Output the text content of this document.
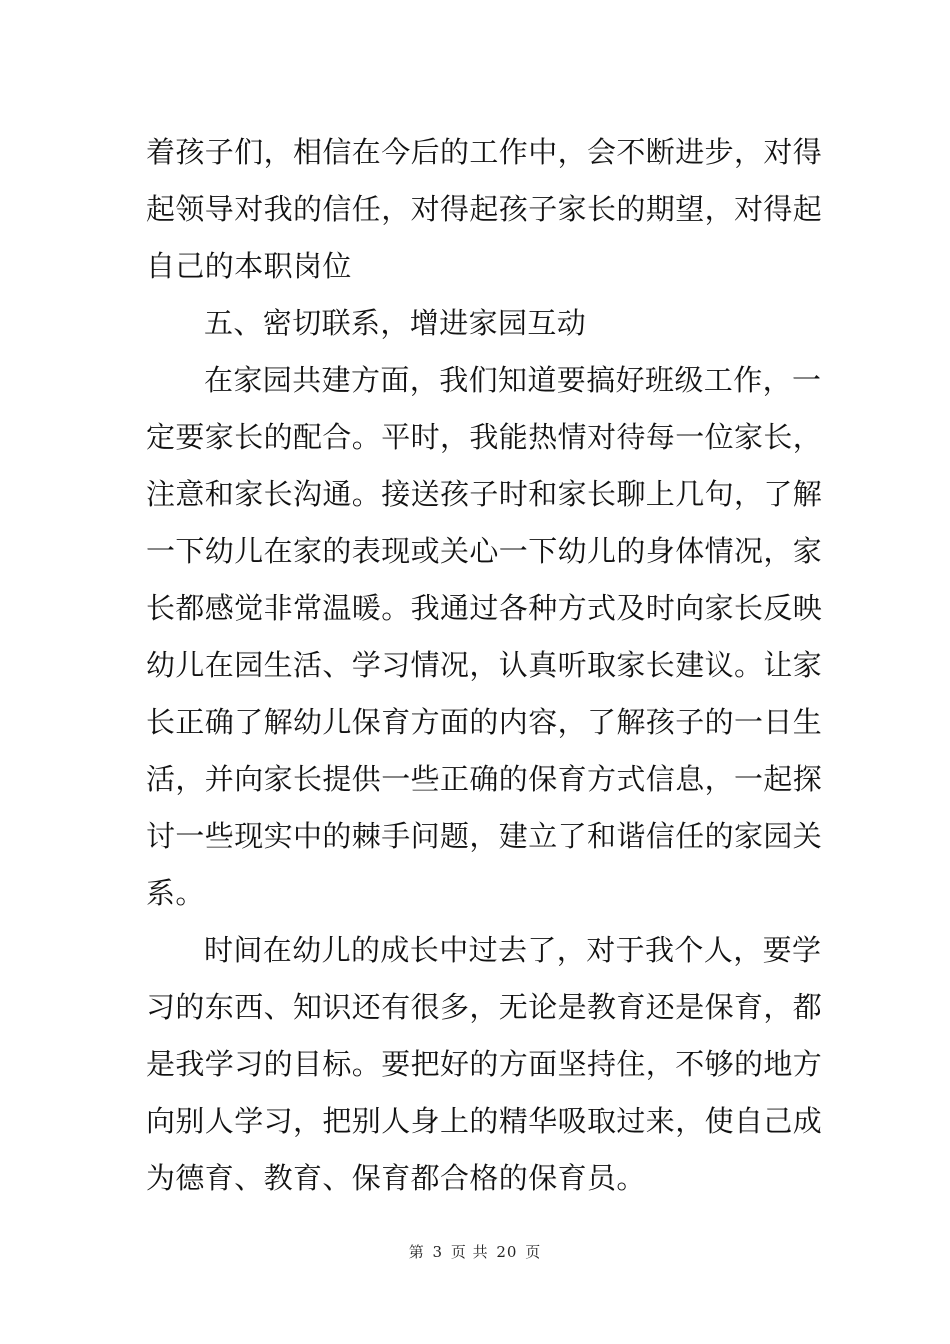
着孩子们，相信在今后的工作中，会不断进步，对得
起领导对我的信任，对得起孩子家长的期望，对得起
自己的本职岗位
五、密切联系，增进家园互动
在家园共建方面，我们知道要搞好班级工作，一
定要家长的配合。平时，我能热情对待每一位家长，
注意和家长沟通。接送孩子时和家长聊上几句，了解
一下幼儿在家的表现或关心一下幼儿的身体情况，家
长都感觉非常温暖。我通过各种方式及时向家长反映
幼儿在园生活、学习情况，认真听取家长建议。让家
长正确了解幼儿保育方面的内容，了解孩子的一日生
活，并向家长提供一些正确的保育方式信息，一起探
讨一些现实中的棘手问题，建立了和谐信任的家园关
系。
时间在幼儿的成长中过去了，对于我个人，要学
习的东西、知识还有很多，无论是教育还是保育，都
是我学习的目标。要把好的方面坚持住，不够的地方
向别人学习，把别人身上的精华吸取过来，使自己成
为德育、教育、保育都合格的保育员。
第 3 页 共 20 页
